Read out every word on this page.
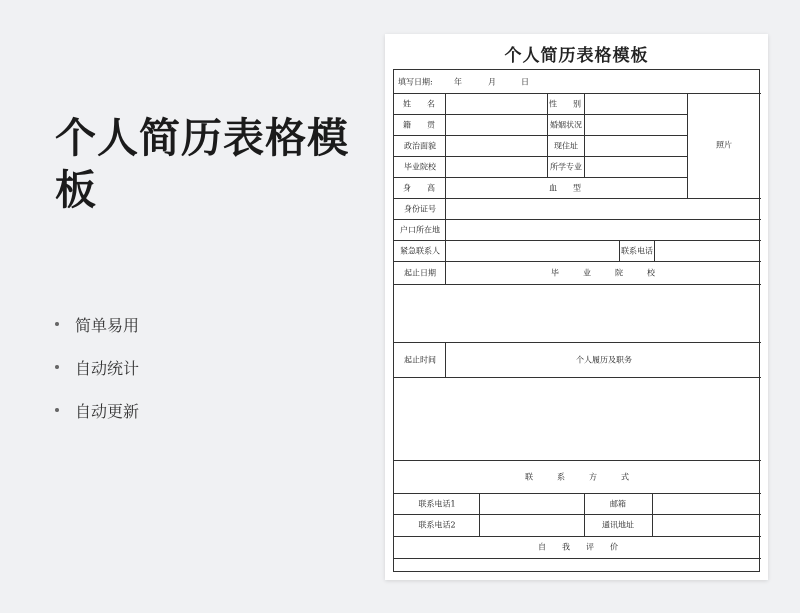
个人简历表格模板
简单易用
自动统计
自动更新
个人简历表格模板
填写日期:	年	月	日
姓名	性别
籍贯	婚姻状况
政治面貌	现住址
毕业院校	所学专业
身高	血型
照片
身份证号
户口所在地
紧急联系人	联系电话
起止日期	毕业院校
起止时间	个人履历及职务
联系方式
联系电话1	邮箱
联系电话2	通讯地址
自我评价
